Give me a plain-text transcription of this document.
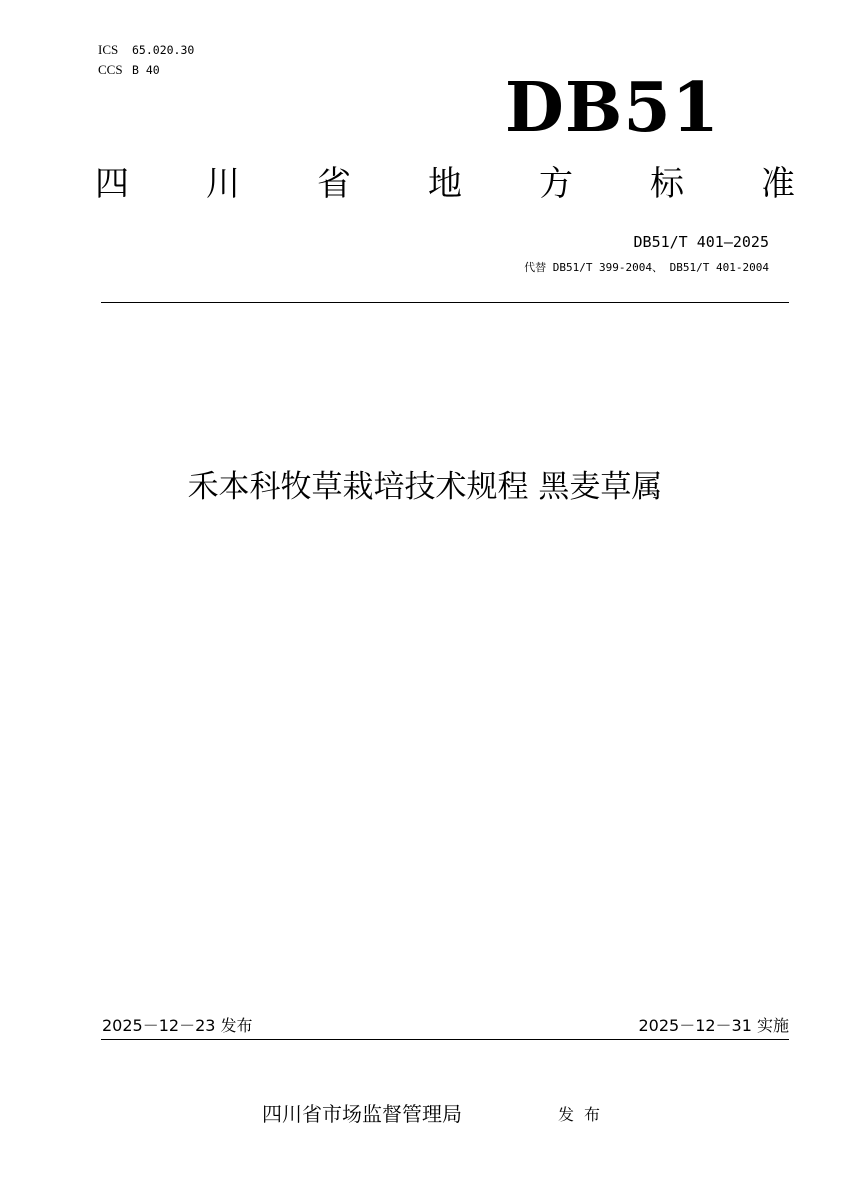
ICS 65.020.30
CCS B 40	DB51
四 川 省 地 方 标 准
DB51/T 401—2025
代替 DB51/T 399-2004、 DB51/T 401-2004
禾本科牧草栽培技术规程 黑麦草属
2025－12－23 发布	2025－12－31 实施
四川省市场监督管理局	发布
